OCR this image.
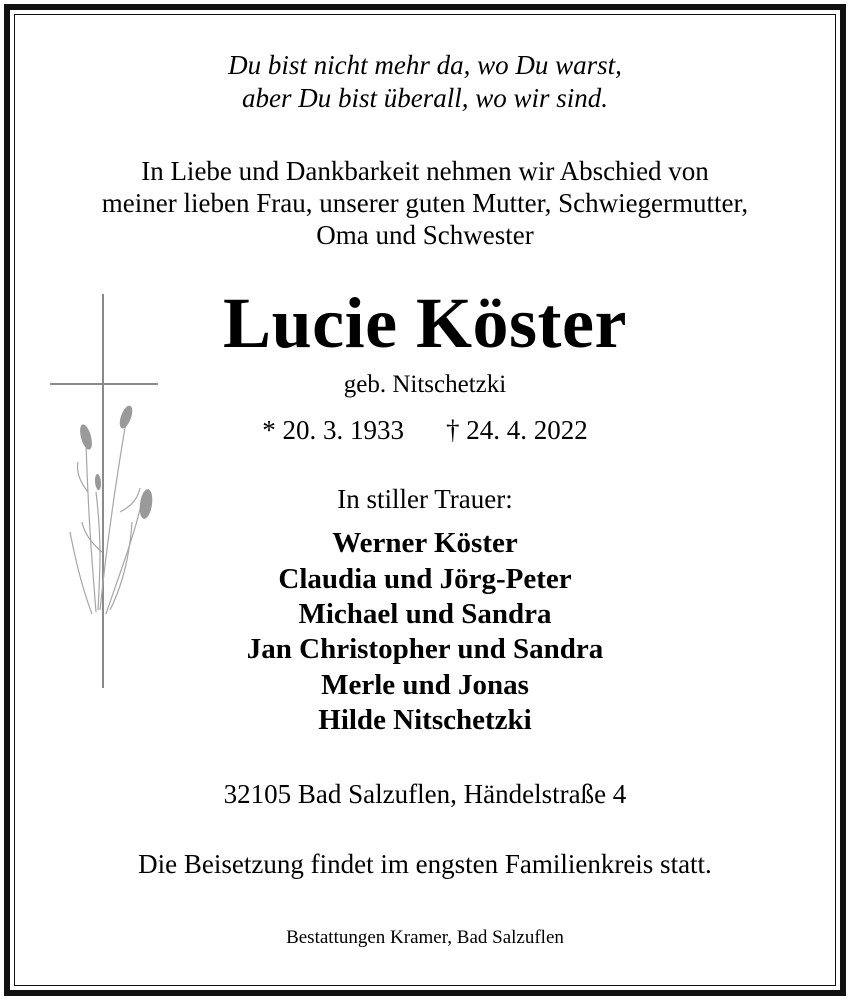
Du bist nicht mehr da, wo Du warst,
aber Du bist überall, wo wir sind.
In Liebe und Dankbarkeit nehmen wir Abschied von
meiner lieben Frau, unserer guten Mutter, Schwiegermutter,
Oma und Schwester
Lucie Köster
geb. Nitschetzki
* 20. 3. 1933 † 24. 4. 2022
In stiller Trauer:
Werner Köster
Claudia und Jörg-Peter
Michael und Sandra
Jan Christopher und Sandra
Merle und Jonas
Hilde Nitschetzki
32105 Bad Salzuflen, Händelstraße 4
Die Beisetzung findet im engsten Familienkreis statt.
Bestattungen Kramer, Bad Salzuflen
